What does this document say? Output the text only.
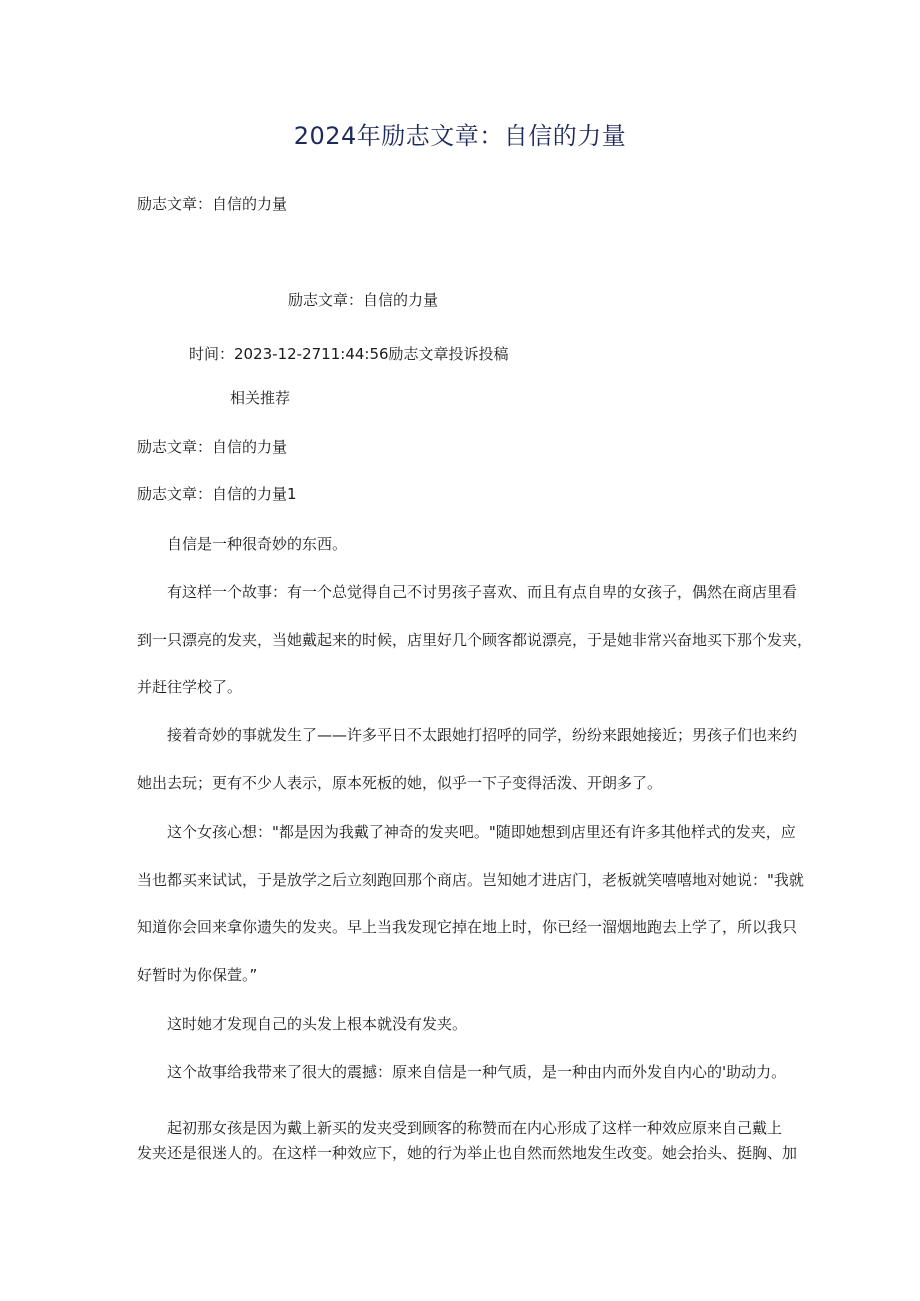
2024年励志文章：自信的力量
励志文章：自信的力量
励志文章：自信的力量
时间：2023-12-2711:44:56励志文章投诉投稿
相关推荐
励志文章：自信的力量
励志文章：自信的力量1
自信是一种很奇妙的东西。
有这样一个故事：有一个总觉得自己不讨男孩子喜欢、而且有点自卑的女孩子，偶然在商店里看
到一只漂亮的发夹，当她戴起来的时候，店里好几个顾客都说漂亮，于是她非常兴奋地买下那个发夹，
并赶往学校了。
接着奇妙的事就发生了——许多平日不太跟她打招呼的同学，纷纷来跟她接近；男孩子们也来约
她出去玩；更有不少人表示，原本死板的她，似乎一下子变得活泼、开朗多了。
这个女孩心想："都是因为我戴了神奇的发夹吧。"随即她想到店里还有许多其他样式的发夹，应
当也都买来试试，于是放学之后立刻跑回那个商店。岂知她才进店门，老板就笑嘻嘻地对她说："我就
知道你会回来拿你遗失的发夹。早上当我发现它掉在地上时，你已经一溜烟地跑去上学了，所以我只
好暂时为你保萱。”
这时她才发现自己的头发上根本就没有发夹。
这个故事给我带来了很大的震撼：原来自信是一种气质，是一种由内而外发自内心的'助动力。
起初那女孩是因为戴上新买的发夹受到顾客的称赞而在内心形成了这样一种效应原来自己戴上
发夹还是很迷人的。在这样一种效应下，她的行为举止也自然而然地发生改变。她会抬头、挺胸、加
